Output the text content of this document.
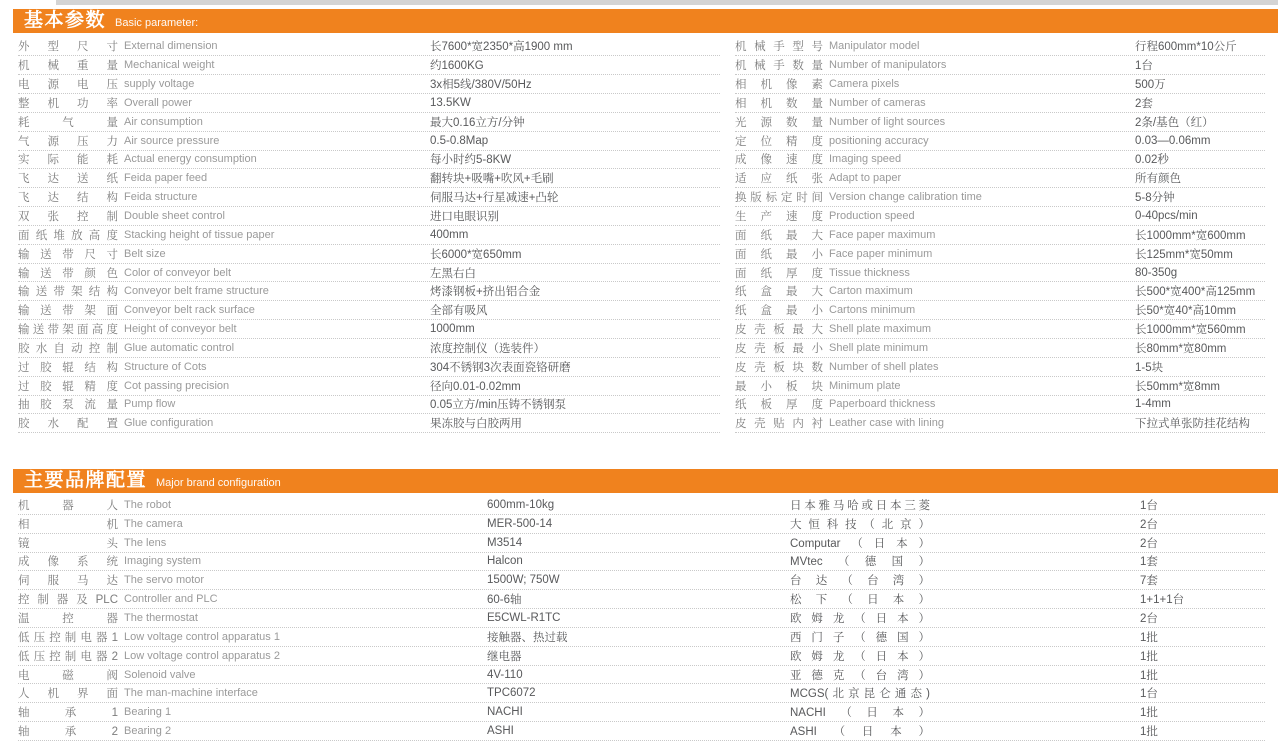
基本参数 Basic parameter:
外型尺寸 External dimension	长7600*宽2350*高1900 mm
机械重量 Mechanical weight	约1600KG
电源电压 supply voltage	3x相5线/380V/50Hz
整机功率 Overall power	13.5KW
耗气量 Air consumption	最大0.16立方/分钟
气源压力 Air source pressure	0.5-0.8Map
实际能耗 Actual energy consumption	每小时约5-8KW
飞达送纸 Feida paper feed	翻转块+吸嘴+吹风+毛刷
飞达结构 Feida structure	伺服马达+行星减速+凸轮
双张控制 Double sheet control	进口电眼识别
面纸堆放高度 Stacking height of tissue paper	400mm
输送带尺寸 Belt size	长6000*宽650mm
输送带颜色 Color of conveyor belt	左黑右白
输送带架结构 Conveyor belt frame structure	烤漆钢板+挤出铝合金
输送带架面 Conveyor belt rack surface	全部有吸风
输送带架面高度 Height of conveyor belt	1000mm
胶水自动控制 Glue automatic control	浓度控制仪（选装件）
过胶辊结构 Structure of Cots	304不锈钢3次表面瓷铬研磨
过胶辊精度 Cot passing precision	径向0.01-0.02mm
抽胶泵流量 Pump flow	0.05立方/min压铸不锈钢泵
胶水配置 Glue configuration	果冻胶与白胶两用
机械手型号 Manipulator model	行程600mm*10公斤
机械手数量 Number of manipulators	1台
相机像素 Camera pixels	500万
相机数量 Number of cameras	2套
光源数量 Number of light sources	2条/基色（红）
定位精度 positioning accuracy	0.03—0.06mm
成像速度 Imaging speed	0.02秒
适应纸张 Adapt to paper	所有颜色
换版标定时间 Version change calibration time	5-8分钟
生产速度 Production speed	0-40pcs/min
面纸最大 Face paper maximum	长1000mm*宽600mm
面纸最小 Face paper minimum	长125mm*宽50mm
面纸厚度 Tissue thickness	80-350g
纸盒最大 Carton maximum	长500*宽400*高125mm
纸盒最小 Cartons minimum	长50*宽40*高10mm
皮壳板最大 Shell plate maximum	长1000mm*宽560mm
皮壳板最小 Shell plate minimum	长80mm*宽80mm
皮壳板块数 Number of shell plates	1-5块
最小板块 Minimum plate	长50mm*宽8mm
纸板厚度 Paperboard thickness	1-4mm
皮壳贴内衬 Leather case with lining	下拉式单张防挂花结构
主要品牌配置 Major brand configuration
机器人 The robot	600mm-10kg	日本雅马哈或日本三菱	1台
相机 The camera	MER-500-14	大恒科技（北京）	2台
镜头 The lens	M3514	Computar（日本）	2台
成像系统 Imaging system	Halcon	MVtec（德国）	1套
伺服马达 The servo motor	1500W; 750W	台达（台湾）	7套
控制器及PLC Controller and PLC	60-6轴	松下（日本）	1+1+1台
温控器 The thermostat	E5CWL-R1TC	欧姆龙（日本）	2台
低压控制电器1 Low voltage control apparatus 1	接触器、热过载	西门子（德国）	1批
低压控制电器2 Low voltage control apparatus 2	继电器	欧姆龙（日本）	1批
电磁阀 Solenoid valve	4V-110	亚德克（台湾）	1批
人机界面 The man-machine interface	TPC6072	MCGS(北京昆仑通态)	1台
轴承1 Bearing 1	NACHI	NACHI（日本）	1批
轴承2 Bearing 2	ASHI	ASHI（日本）	1批
